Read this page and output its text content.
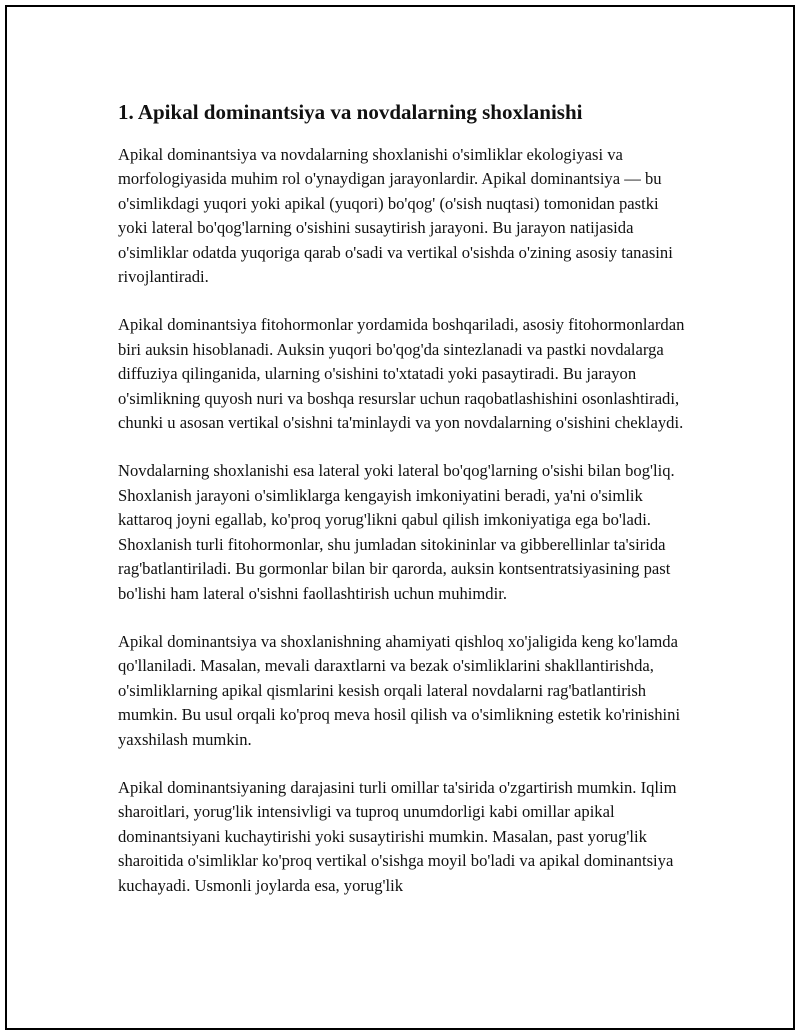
1. Apikal dominantsiya va novdalarning shoxlanishi

Apikal dominantsiya va novdalarning shoxlanishi o'simliklar ekologiyasi va morfologiyasida muhim rol o'ynaydigan jarayonlardir. Apikal dominantsiya — bu o'simlikdagi yuqori yoki apikal (yuqori) bo'qog' (o'sish nuqtasi) tomonidan pastki yoki lateral bo'qog'larning o'sishini susaytirish jarayoni. Bu jarayon natijasida o'simliklar odatda yuqoriga qarab o'sadi va vertikal o'sishda o'zining asosiy tanasini rivojlantiradi.

Apikal dominantsiya fitohormonlar yordamida boshqariladi, asosiy fitohormonlardan biri auksin hisoblanadi. Auksin yuqori bo'qog'da sintezlanadi va pastki novdalarga diffuziya qilinganida, ularning o'sishini to'xtatadi yoki pasaytiradi. Bu jarayon o'simlikning quyosh nuri va boshqa resurslar uchun raqobatlashishini osonlashtiradi, chunki u asosan vertikal o'sishni ta'minlaydi va yon novdalarning o'sishini cheklaydi.

Novdalarning shoxlanishi esa lateral yoki lateral bo'qog'larning o'sishi bilan bog'liq. Shoxlanish jarayoni o'simliklarga kengayish imkoniyatini beradi, ya'ni o'simlik kattaroq joyni egallab, ko'proq yorug'likni qabul qilish imkoniyatiga ega bo'ladi. Shoxlanish turli fitohormonlar, shu jumladan sitokininlar va gibberellinlar ta'sirida rag'batlantiriladi. Bu gormonlar bilan bir qarorda, auksin kontsentratsiyasining past bo'lishi ham lateral o'sishni faollashtirish uchun muhimdir.

Apikal dominantsiya va shoxlanishning ahamiyati qishloq xo'jaligida keng ko'lamda qo'llaniladi. Masalan, mevali daraxtlarni va bezak o'simliklarini shakllantirishda, o'simliklarning apikal qismlarini kesish orqali lateral novdalarni rag'batlantirish mumkin. Bu usul orqali ko'proq meva hosil qilish va o'simlikning estetik ko'rinishini yaxshilash mumkin.

Apikal dominantsiyaning darajasini turli omillar ta'sirida o'zgartirish mumkin. Iqlim sharoitlari, yorug'lik intensivligi va tuproq unumdorligi kabi omillar apikal dominantsiyani kuchaytirishi yoki susaytirishi mumkin. Masalan, past yorug'lik sharoitida o'simliklar ko'proq vertikal o'sishga moyil bo'ladi va apikal dominantsiya kuchayadi. Usmonli joylarda esa, yorug'lik
